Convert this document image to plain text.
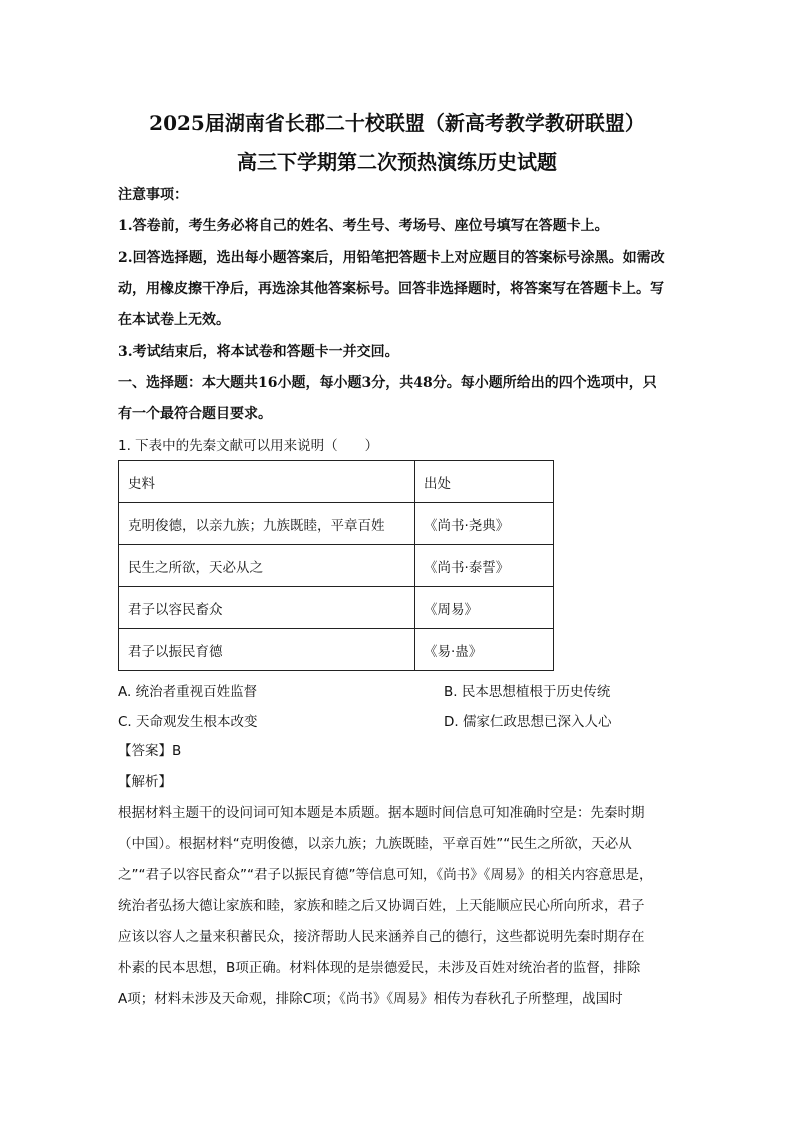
2025届湖南省长郡二十校联盟（新高考教学教研联盟）
高三下学期第二次预热演练历史试题
注意事项：
1.答卷前，考生务必将自己的姓名、考生号、考场号、座位号填写在答题卡上。
2.回答选择题，选出每小题答案后，用铅笔把答题卡上对应题目的答案标号涂黑。如需改
动，用橡皮擦干净后，再选涂其他答案标号。回答非选择题时，将答案写在答题卡上。写
在本试卷上无效。
3.考试结束后，将本试卷和答题卡一并交回。
一、选择题：本大题共16小题，每小题3分，共48分。每小题所给出的四个选项中，只
有一个最符合题目要求。
1. 下表中的先秦文献可以用来说明（　　）
史料	出处
克明俊德，以亲九族；九族既睦，平章百姓	《尚书·尧典》
民生之所欲，天必从之	《尚书·泰誓》
君子以容民畜众	《周易》
君子以振民育德	《易·蛊》
A. 统治者重视百姓监督	B. 民本思想植根于历史传统
C. 天命观发生根本改变	D. 儒家仁政思想已深入人心
【答案】B
【解析】
根据材料主题干的设问词可知本题是本质题。据本题时间信息可知准确时空是：先秦时期
（中国）。根据材料“克明俊德，以亲九族；九族既睦，平章百姓”“民生之所欲，天必从
之”“君子以容民畜众”“君子以振民育德”等信息可知，《尚书》《周易》的相关内容意思是，
统治者弘扬大德让家族和睦，家族和睦之后又协调百姓，上天能顺应民心所向所求，君子
应该以容人之量来积蓄民众，接济帮助人民来涵养自己的德行，这些都说明先秦时期存在
朴素的民本思想，B项正确。材料体现的是崇德爱民，未涉及百姓对统治者的监督，排除
A项；材料未涉及天命观，排除C项；《尚书》《周易》相传为春秋孔子所整理，战国时
